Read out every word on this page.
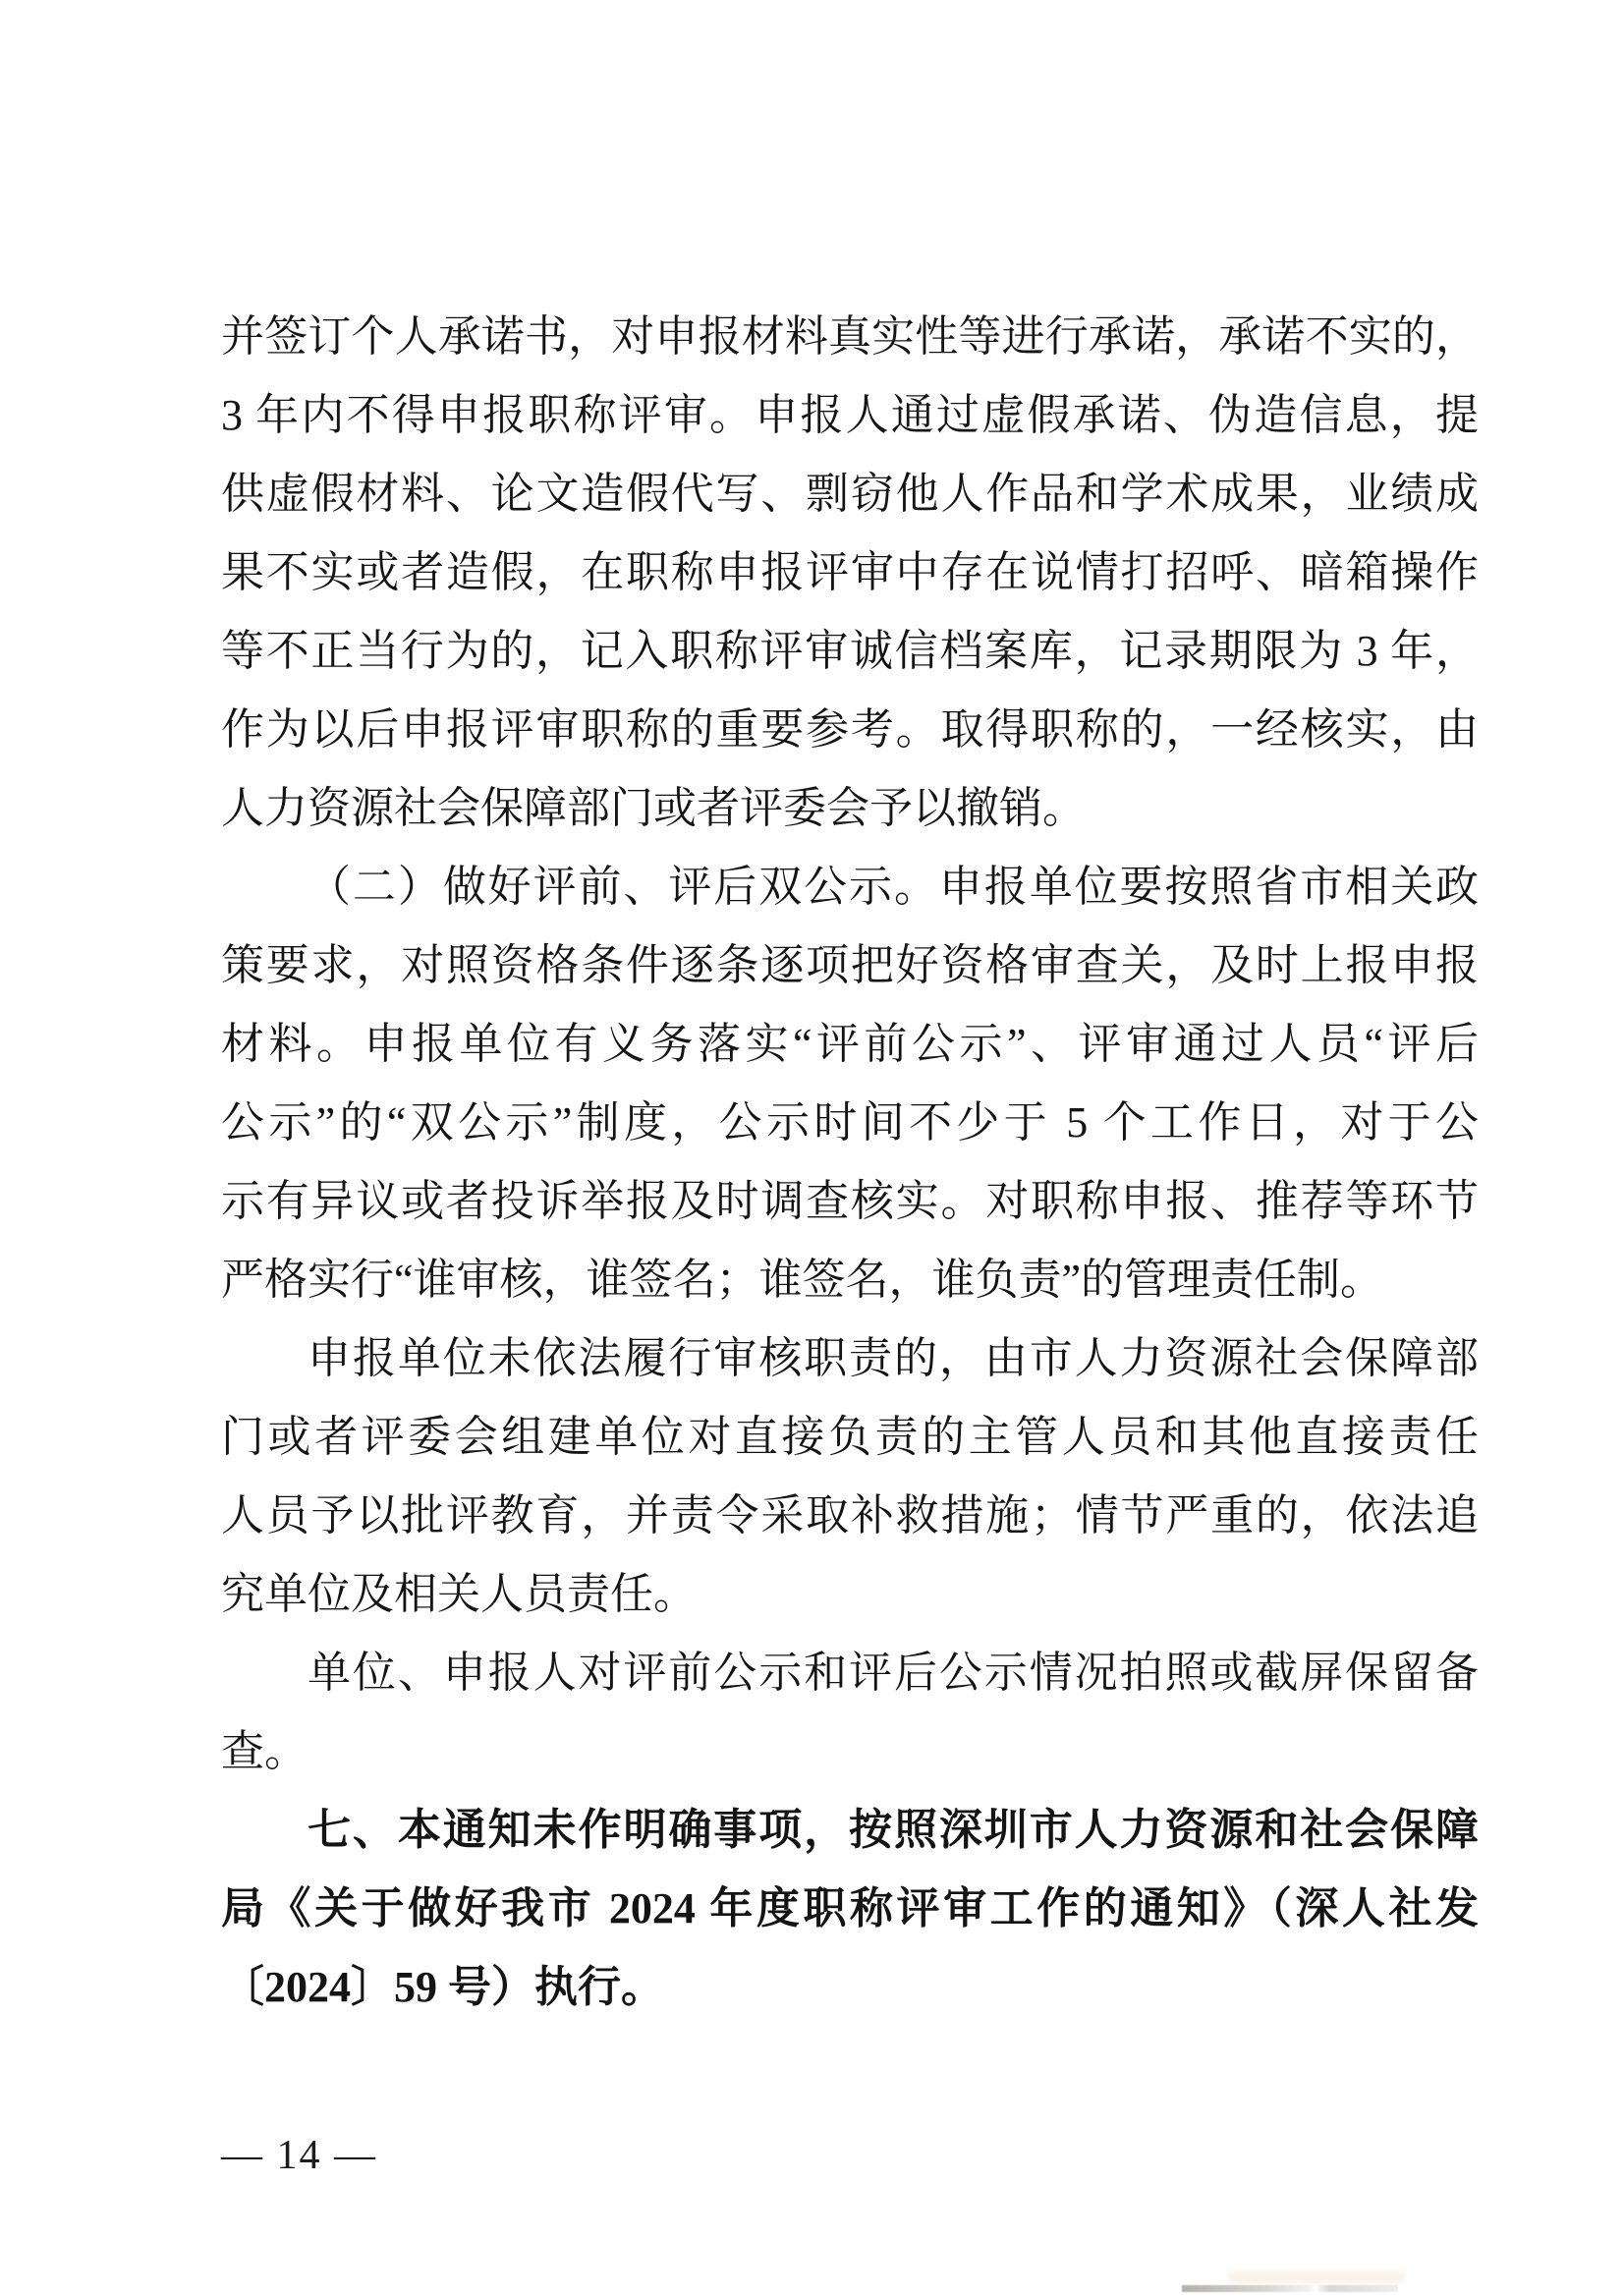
并签订个人承诺书，对申报材料真实性等进行承诺，承诺不实的，
3 年内不得申报职称评审。申报人通过虚假承诺、伪造信息，提
供虚假材料、论文造假代写、剽窃他人作品和学术成果，业绩成
果不实或者造假，在职称申报评审中存在说情打招呼、暗箱操作
等不正当行为的，记入职称评审诚信档案库，记录期限为 3 年，
作为以后申报评审职称的重要参考。取得职称的，一经核实，由
人力资源社会保障部门或者评委会予以撤销。
（二）做好评前、评后双公示。申报单位要按照省市相关政
策要求，对照资格条件逐条逐项把好资格审查关，及时上报申报
材料。申报单位有义务落实“评前公示”、评审通过人员“评后
公示”的“双公示”制度，公示时间不少于 5 个工作日，对于公
示有异议或者投诉举报及时调查核实。对职称申报、推荐等环节
严格实行“谁审核，谁签名；谁签名，谁负责”的管理责任制。
申报单位未依法履行审核职责的，由市人力资源社会保障部
门或者评委会组建单位对直接负责的主管人员和其他直接责任
人员予以批评教育，并责令采取补救措施；情节严重的，依法追
究单位及相关人员责任。
单位、申报人对评前公示和评后公示情况拍照或截屏保留备
查。
七、本通知未作明确事项，按照深圳市人力资源和社会保障
局《关于做好我市 2024 年度职称评审工作的通知》（深人社发
〔2024〕59 号）执行。
— 14 —
